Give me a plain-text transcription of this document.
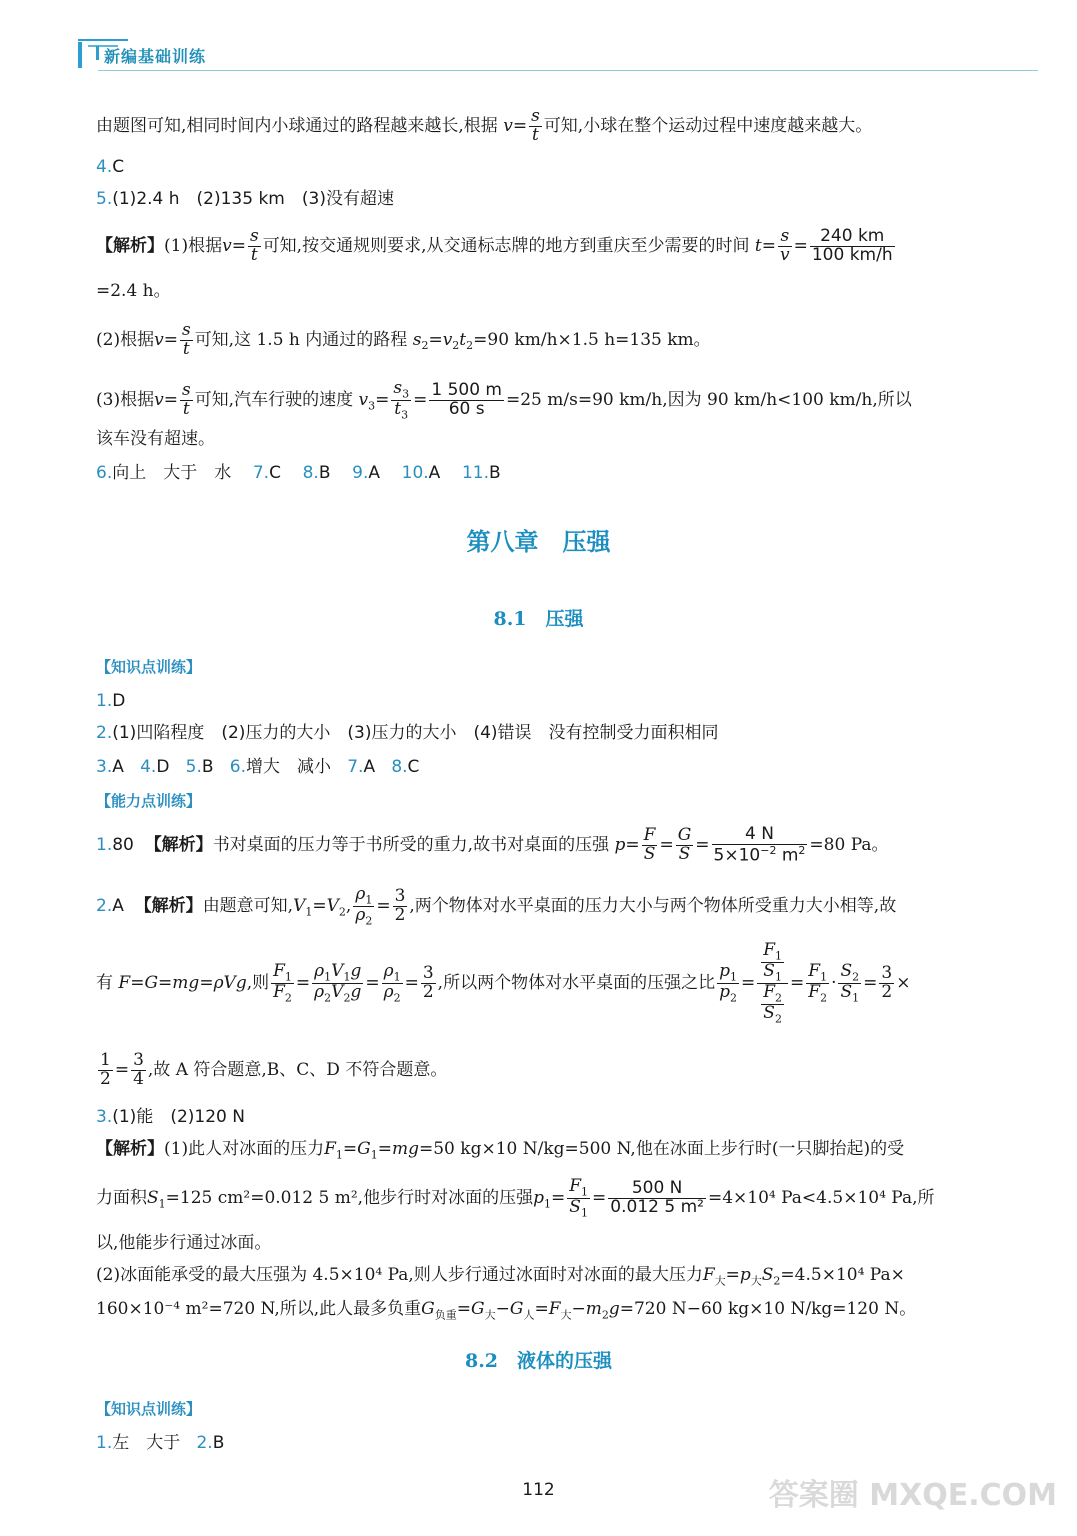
新编基础训练
由题图可知,相同时间内小球通过的路程越来越长,根据 $v= \frac{s}{t}$ 可知,小球在整个运动过程中速度越来越大。
4.C
5.(1)2.4 h　(2)135 km　(3)没有超速
【解析】(1)根据$v= \frac{s}{t}$ 可知,按交通规则要求,从交通标志牌的地方到重庆至少需要的时间 $t= \frac{s}{v} = \frac{240 km}{100 km/h}$
=2.4 h。
(2)根据$v= \frac{s}{t}$ 可知,这 1.5 h 内通过的路程 $s_2=v_2t_2=90$ km/h×1.5 h=135 km。
(3)根据$v= \frac{s}{t}$ 可知,汽车行驶的速度 $v_3= \frac{s_3}{t_3} = \frac{1 500 m}{60 s} =25$ m/s=90 km/h,因为 90 km/h<100 km/h,所以
该车没有超速。
6.向上　大于　水 7.C 8.B 9.A 10.A 11.B
第八章　压强
8.1　压强
【知识点训练】
1.D
2.(1)凹陷程度　(2)压力的大小　(3)压力的大小　(4)错误　没有控制受力面积相同
3.A 4.D 5.B 6.增大　减小 7.A 8.C
【能力点训练】
1.80 【解析】书对桌面的压力等于书所受的重力,故书对桌面的压强 $p= \frac{F}{S} = \frac{G}{S} = \frac{4 N}{5\times 10^{-2} m^2} =80$ Pa。
2.A 【解析】由题意可知$,V_1=V_2$, $\frac{\rho_1}{\rho_2} = \frac{3}{2}$ ,两个物体对水平桌面的压力大小与两个物体所受重力大小相等,故
有 F=G=mg=ρVg,则 $\frac{F_1}{F_2} = \frac{\rho_1V_1g}{\rho_2V_2g} = \frac{\rho_1}{\rho_2} = \frac{3}{2}$ ,所以两个物体对水平桌面的压强之比 $\frac{p_1}{p_2} = \frac{\frac{F_1}{S_1}}{\frac{F_2}{S_2}} = \frac{F_1}{F_2} \cdot \frac{S_2}{S_1} = \frac{3}{2}$ ×
$\frac{1}{2} = \frac{3}{4}$ ,故 A 符合题意,B、C、D 不符合题意。
3.(1)能　(2)120 N
【解析】(1)此人对冰面的压力$F_1=G_1=mg=50$ kg×10 N/kg=500 N,他在冰面上步行时(一只脚抬起)的受
力面积$S_1=125$ cm²=0.012 5 m²,他步行时对冰面的压强$p_1= \frac{F_1}{S_1} = \frac{500 N}{\text{0.012 5 m²}} =4\times 10^4$ Pa<4.5×10⁴ Pa,所
以,他能步行通过冰面。
(2)冰面能承受的最大压强为 4.5×10⁴ Pa,则人步行通过冰面时对冰面的最大压力$F_大=p_大S_2=4.5\times 10^4$ Pa×
160×10⁻⁴ m²=720 N,所以,此人最多负重$G_{负重}=G_大-G_人=F_大-m_2g=720$ N−60 kg×10 N/kg=120 N。
8.2　液体的压强
【知识点训练】
1.左　大于 2.B
112	答案圈 MXQE.COM
